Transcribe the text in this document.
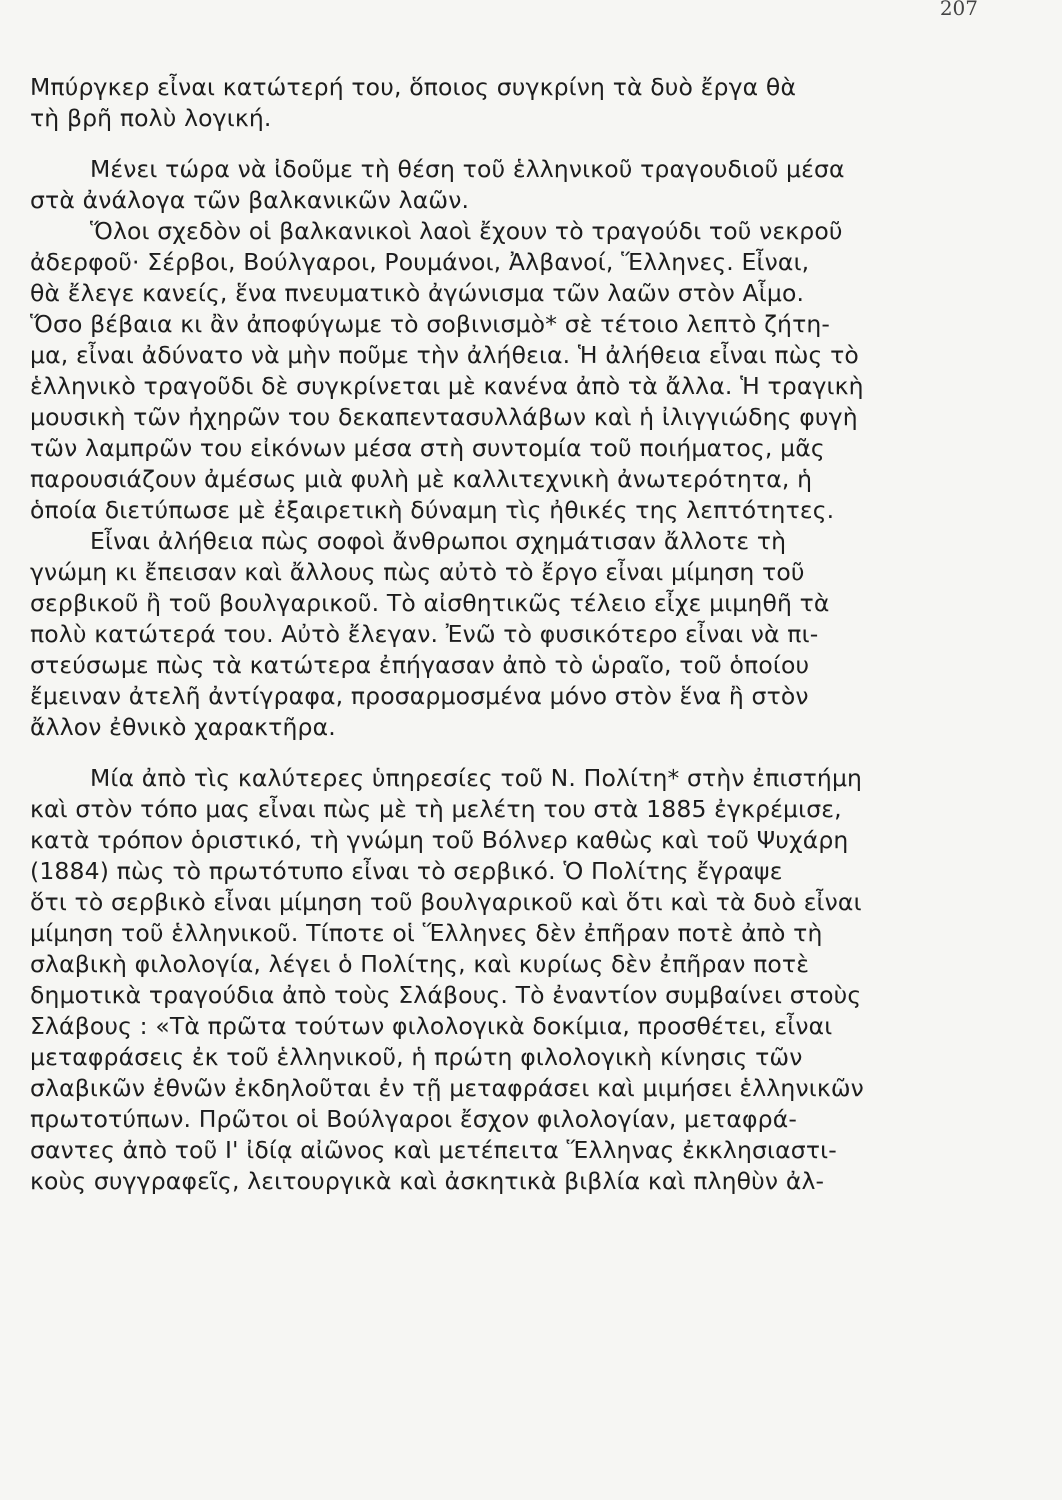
207
Μπύργκερ εἶναι κατώτερή του, ὅποιος συγκρίνη τὰ δυὸ ἔργα θὰ
τὴ βρῆ πολὺ λογική.
Μένει τώρα νὰ ἰδοῦμε τὴ θέση τοῦ ἑλληνικοῦ τραγουδιοῦ μέσα
στὰ ἀνάλογα τῶν βαλκανικῶν λαῶν.
Ὅλοι σχεδὸν οἱ βαλκανικοὶ λαοὶ ἔχουν τὸ τραγούδι τοῦ νεκροῦ
ἀδερφοῦ· Σέρβοι, Βούλγαροι, Ρουμάνοι, Ἀλβανοί, Ἕλληνες. Εἶναι,
θὰ ἔλεγε κανείς, ἕνα πνευματικὸ ἀγώνισμα τῶν λαῶν στὸν Αἷμο.
Ὅσο βέβαια κι ἂν ἀποφύγωμε τὸ σοβινισμὸ* σὲ τέτοιο λεπτὸ ζήτη-
μα, εἶναι ἀδύνατο νὰ μὴν ποῦμε τὴν ἀλήθεια. Ἡ ἀλήθεια εἶναι πὼς τὸ
ἑλληνικὸ τραγοῦδι δὲ συγκρίνεται μὲ κανένα ἀπὸ τὰ ἄλλα. Ἡ τραγικὴ
μουσικὴ τῶν ἠχηρῶν του δεκαπεντασυλλάβων καὶ ἡ ἰλιγγιώδης φυγὴ
τῶν λαμπρῶν του εἰκόνων μέσα στὴ συντομία τοῦ ποιήματος, μᾶς
παρουσιάζουν ἀμέσως μιὰ φυλὴ μὲ καλλιτεχνικὴ ἀνωτερότητα, ἡ
ὁποία διετύπωσε μὲ ἐξαιρετικὴ δύναμη τὶς ἠθικές της λεπτότητες.
Εἶναι ἀλήθεια πὼς σοφοὶ ἄνθρωποι σχημάτισαν ἄλλοτε τὴ
γνώμη κι ἔπεισαν καὶ ἄλλους πὼς αὐτὸ τὸ ἔργο εἶναι μίμηση τοῦ
σερβικοῦ ἢ τοῦ βουλγαρικοῦ. Τὸ αἰσθητικῶς τέλειο εἶχε μιμηθῆ τὰ
πολὺ κατώτερά του. Αὐτὸ ἔλεγαν. Ἐνῶ τὸ φυσικότερο εἶναι νὰ πι-
στεύσωμε πὼς τὰ κατώτερα ἐπήγασαν ἀπὸ τὸ ὡραῖο, τοῦ ὁποίου
ἔμειναν ἀτελῆ ἀντίγραφα, προσαρμοσμένα μόνο στὸν ἕνα ἢ στὸν
ἄλλον ἐθνικὸ χαρακτῆρα.
Μία ἀπὸ τὶς καλύτερες ὑπηρεσίες τοῦ Ν. Πολίτη* στὴν ἐπιστήμη
καὶ στὸν τόπο μας εἶναι πὼς μὲ τὴ μελέτη του στὰ 1885 ἐγκρέμισε,
κατὰ τρόπον ὁριστικό, τὴ γνώμη τοῦ Βόλνερ καθὼς καὶ τοῦ Ψυχάρη
(1884) πὼς τὸ πρωτότυπο εἶναι τὸ σερβικό. Ὁ Πολίτης ἔγραψε
ὅτι τὸ σερβικὸ εἶναι μίμηση τοῦ βουλγαρικοῦ καὶ ὅτι καὶ τὰ δυὸ εἶναι
μίμηση τοῦ ἑλληνικοῦ. Τίποτε οἱ Ἕλληνες δὲν ἐπῆραν ποτὲ ἀπὸ τὴ
σλαβικὴ φιλολογία, λέγει ὁ Πολίτης, καὶ κυρίως δὲν ἐπῆραν ποτὲ
δημοτικὰ τραγούδια ἀπὸ τοὺς Σλάβους. Τὸ ἐναντίον συμβαίνει στοὺς
Σλάβους : «Τὰ πρῶτα τούτων φιλολογικὰ δοκίμια, προσθέτει, εἶναι
μεταφράσεις ἐκ τοῦ ἑλληνικοῦ, ἡ πρώτη φιλολογικὴ κίνησις τῶν
σλαβικῶν ἐθνῶν ἐκδηλοῦται ἐν τῇ μεταφράσει καὶ μιμήσει ἑλληνικῶν
πρωτοτύπων. Πρῶτοι οἱ Βούλγαροι ἔσχον φιλολογίαν, μεταφρά-
σαντες ἀπὸ τοῦ Ι' ἰδίᾳ αἰῶνος καὶ μετέπειτα Ἕλληνας ἐκκλησιαστι-
κοὺς συγγραφεῖς, λειτουργικὰ καὶ ἀσκητικὰ βιβλία καὶ πληθὺν ἀλ-
